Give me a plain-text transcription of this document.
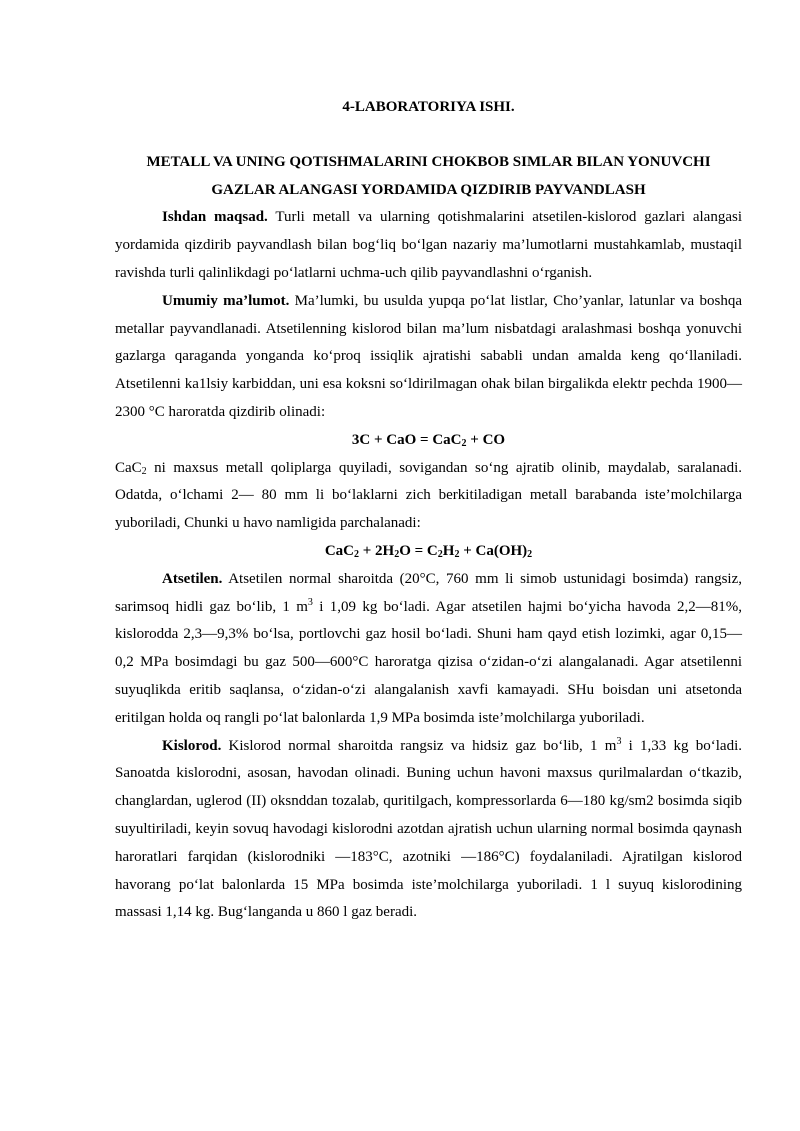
4-LABORATORIYA ISHI.
METALL VA UNING QOTISHMALARINI CHOKBOB SIMLAR BILAN YONUVCHI
GAZLAR ALANGASI YORDAMIDA QIZDIRIB PAYVANDLASH

Ishdan maqsad. Turli metall va ularning qotishmalarini atsetilen-kislorod gazlari alangasi yordamida qizdirib payvandlash bilan bog‘liq bo‘lgan nazariy ma’lumotlarni mustahkamlab, mustaqil ravishda turli qalinlikdagi po‘latlarni uchma-uch qilib payvandlashni o‘rganish.

Umumiy ma’lumot. Ma’lumki, bu usulda yupqa po‘lat listlar, Cho’yanlar, latunlar va boshqa metallar payvandlanadi. Atsetilenning kislorod bilan ma’lum nisbatdagi aralashmasi boshqa yonuvchi gazlarga qaraganda yonganda ko‘proq issiqlik ajratishi sababli undan amalda keng qo‘llaniladi. Atsetilenni ka1lsiy karbiddan, uni esa koksni so‘ldirilmagan ohak bilan birgalikda elektr pechda 1900—2300 °C haroratda qizdirib olinadi:

3C + CaO = CaC$_2$ + CO

CaC$_2$ ni maxsus metall qoliplarga quyiladi, sovigandan so‘ng ajratib olinib, maydalab, saralanadi. Odatda, o‘lchami 2— 80 mm li bo‘laklarni zich berkitiladigan metall barabanda iste’molchilarga yuboriladi, Chunki u havo namligida parchalanadi:

$CaC_2 + 2H_2O = C_2H_2 + Ca(OH)_2$

Atsetilen. Atsetilen normal sharoitda (20°C, 760 mm li simob ustunidagi bosimda) rangsiz, sarimsoq hidli gaz bo‘lib, 1 $m^3$ i 1,09 kg bo‘ladi. Agar atsetilen hajmi bo‘yicha havoda 2,2—81%, kislorodda 2,3—9,3% bo‘lsa, portlovchi gaz hosil bo‘ladi. Shuni ham qayd etish lozimki, agar 0,15—0,2 MPa bosimdagi bu gaz 500—600°C haroratga qizisa o‘zidan-o‘zi alangalanadi. Agar atsetilenni suyuqlikda eritib saqlansa, o‘zidan-o‘zi alangalanish xavfi kamayadi. SHu boisdan uni atsetonda eritilgan holda oq rangli po‘lat balonlarda 1,9 MPa bosimda iste’molchilarga yuboriladi.

Kislorod. Kislorod normal sharoitda rangsiz va hidsiz gaz bo‘lib, 1 $m^3$ i 1,33 kg bo‘ladi. Sanoatda kislorodni, asosan, havodan olinadi. Buning uchun havoni maxsus qurilmalardan o‘tkazib, changlardan, uglerod (II) oksnddan tozalab, quritilgach, kompressorlarda 6—180 kg/sm2 bosimda siqib suyultiriladi, keyin sovuq havodagi kislorodni azotdan ajratish uchun ularning normal bosimda qaynash haroratlari farqidan (kislorodniki —183°C, azotniki —186°C) foydalaniladi. Ajratilgan kislorod havorang po‘lat balonlarda 15 MPa bosimda iste’molchilarga yuboriladi. 1 l suyuq kislorodining massasi 1,14 kg. Bug‘langanda u 860 l gaz beradi.
